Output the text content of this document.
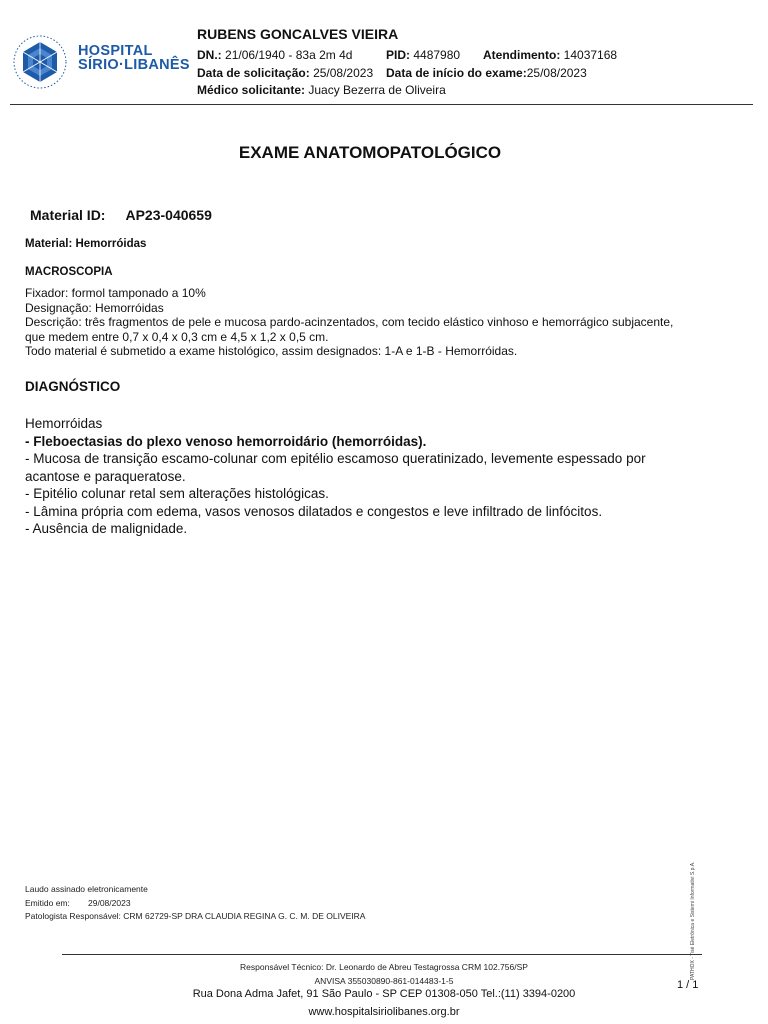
HOSPITAL
SÍRIO·LIBANÊS
RUBENS GONCALVES VIEIRA
DN.: 21/06/1940 - 83a 2m 4d	PID: 4487980 Atendimento: 14037168
Data de solicitação: 25/08/2023 Data de início do exame:25/08/2023
Médico solicitante: Juacy Bezerra de Oliveira
EXAME ANATOMOPATOLÓGICO
Material ID: AP23-040659
Material: Hemorróidas
MACROSCOPIA
Fixador: formol tamponado a 10%
Designação: Hemorróidas
Descrição: três fragmentos de pele e mucosa pardo-acinzentados, com tecido elástico vinhoso e hemorrágico subjacente,
que medem entre 0,7 x 0,4 x 0,3 cm e 4,5 x 1,2 x 0,5 cm.
Todo material é submetido a exame histológico, assim designados: 1-A e 1-B - Hemorróidas.
DIAGNÓSTICO
Hemorróidas
- Fleboectasias do plexo venoso hemorroidário (hemorróidas).
- Mucosa de transição escamo-colunar com epitélio escamoso queratinizado, levemente espessado por
acantose e paraqueratose.
- Epitélio colunar retal sem alterações histológicas.
- Lâmina própria com edema, vasos venosos dilatados e congestos e leve infiltrado de linfócitos.
- Ausência de malignidade.
Laudo assinado eletronicamente
Emitido em: 29/08/2023
Patologista Responsável: CRM 62729-SP DRA CLAUDIA REGINA G. C. M. DE OLIVEIRA	PATHOX - Tisé Eletrônica e Sistemi Informativi S.p.A.
Responsável Técnico: Dr. Leonardo de Abreu Testagrossa CRM 102.756/SP
ANVISA 355030890-861-014483-1-5	1 / 1
Rua Dona Adma Jafet, 91 São Paulo - SP CEP 01308-050 Tel.:(11) 3394-0200
www.hospitalsiriolibanes.org.br
